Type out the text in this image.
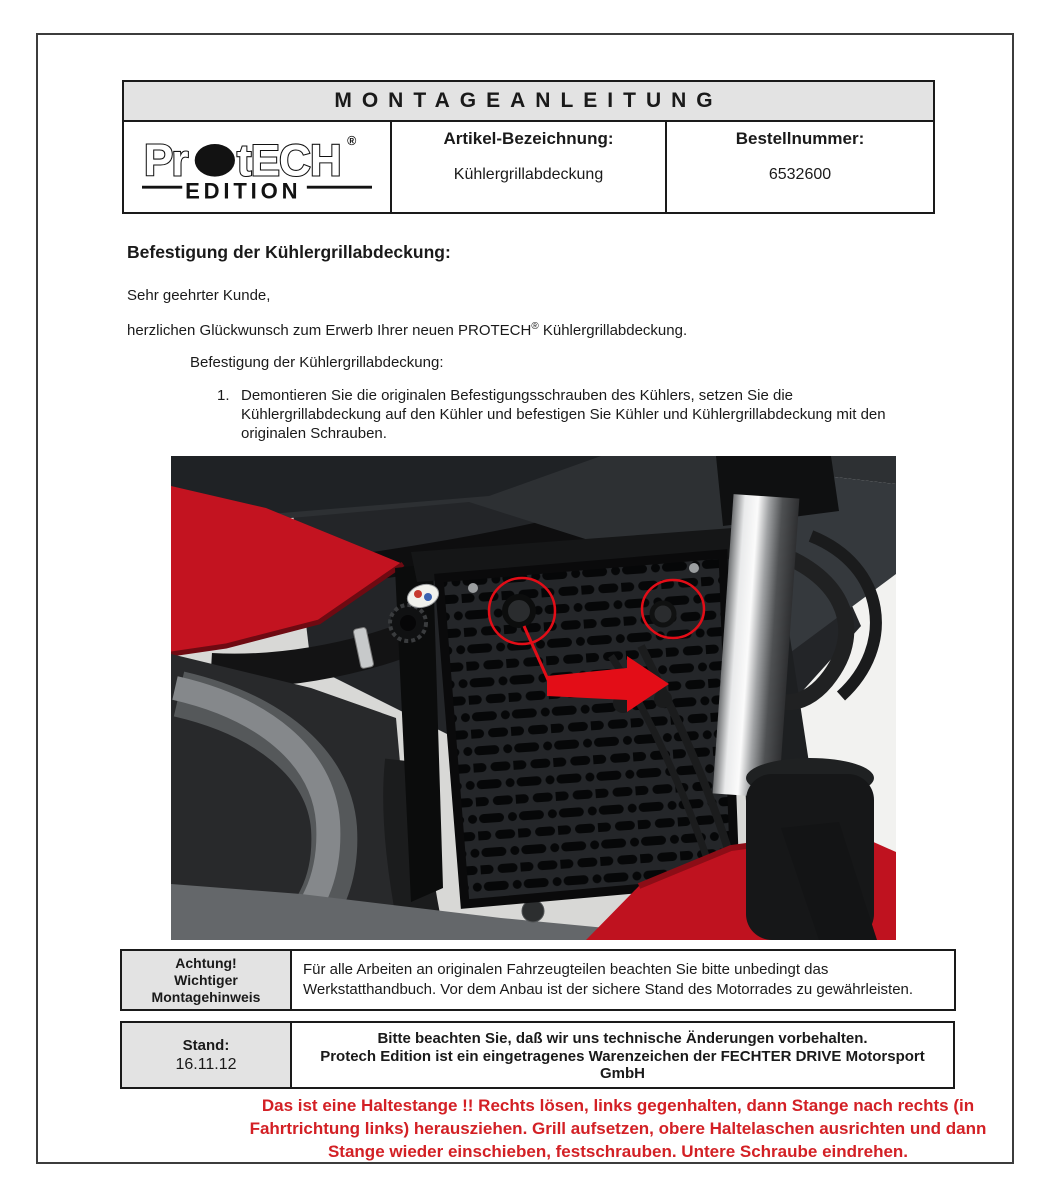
MONTAGEANLEITUNG
Pr tECH ®
EDITION
Artikel-Bezeichnung:
Kühlergrillabdeckung
Bestellnummer:
6532600
Befestigung der Kühlergrillabdeckung:
Sehr geehrter Kunde,
herzlichen Glückwunsch zum Erwerb Ihrer neuen PROTECH® Kühlergrillabdeckung.
Befestigung der Kühlergrillabdeckung:
1. Demontieren Sie die originalen Befestigungsschrauben des Kühlers, setzen Sie die Kühlergrillabdeckung auf den Kühler und befestigen Sie Kühler und Kühlergrillabdeckung mit den originalen Schrauben.
Achtung!
Wichtiger
Montagehinweis
Für alle Arbeiten an originalen Fahrzeugteilen beachten Sie bitte unbedingt das Werkstatthandbuch. Vor dem Anbau ist der sichere Stand des Motorrades zu gewährleisten.
Stand:
16.11.12
Bitte beachten Sie, daß wir uns technische Änderungen vorbehalten.
Protech Edition ist ein eingetragenes Warenzeichen der FECHTER DRIVE Motorsport GmbH
Das ist eine Haltestange !! Rechts lösen, links gegenhalten, dann Stange nach rechts (in Fahrtrichtung links) herausziehen. Grill aufsetzen, obere Haltelaschen ausrichten und dann Stange wieder einschieben, festschrauben. Untere Schraube eindrehen.
